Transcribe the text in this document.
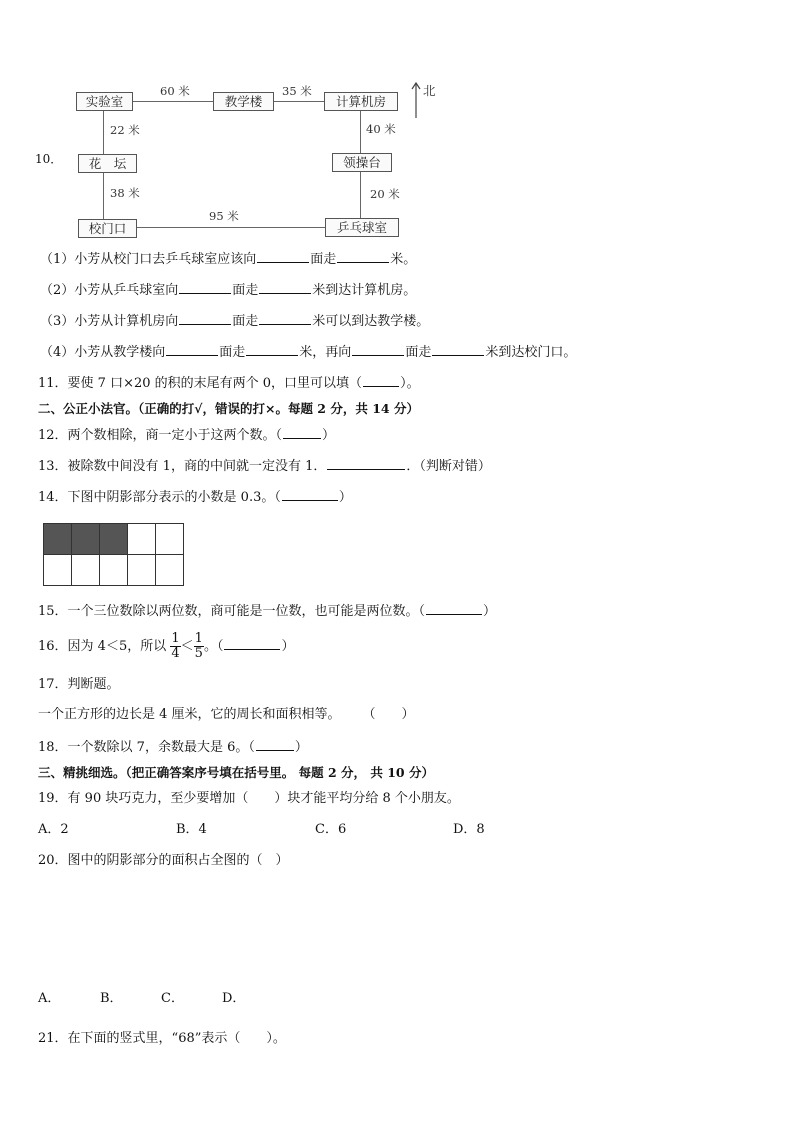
10．
实验室	教学楼	计算机房
花　坛	领操台
校门口	乒乓球室
60 米	35 米
22 米	40 米
38 米	20 米
95 米
北
（1）小芳从校门口去乒乓球室应该向	面走	米。
（2）小芳从乒乓球室向	面走	米到达计算机房。
（3）小芳从计算机房向	面走	米可以到达教学楼。
（4）小芳从教学楼向	面走	米，再向	面走	米到达校门口。
11．要使 7 口×20 的积的末尾有两个 0，口里可以填（	）。
二、公正小法官。（正确的打√，错误的打×。每题 2 分，共 14 分）
12．两个数相除，商一定小于这两个数。（	）
13．被除数中间没有 1，商的中间就一定没有 1．	．（判断对错）
14．下图中阴影部分表示的小数是 0.3。（	）

15．一个三位数除以两位数，商可能是一位数，也可能是两位数。（	）
16．因为 4＜5，所以 $\frac{1}{4} < \frac{1}{5}$ 。（	）
17．判断题。
一个正方形的边长是 4 厘米，它的周长和面积相等。 （　　）
18．一个数除以 7，余数最大是 6。（	）
三、精挑细选。（把正确答案序号填在括号里。 每题 2 分， 共 10 分）
19．有 90 块巧克力，至少要增加（　　）块才能平均分给 8 个小朋友。
A．2	B．4	C．6	D．8
20．图中的阴影部分的面积占全图的（　）
A．	B．	C．	D．
21．在下面的竖式里，“68”表示（　　）。
